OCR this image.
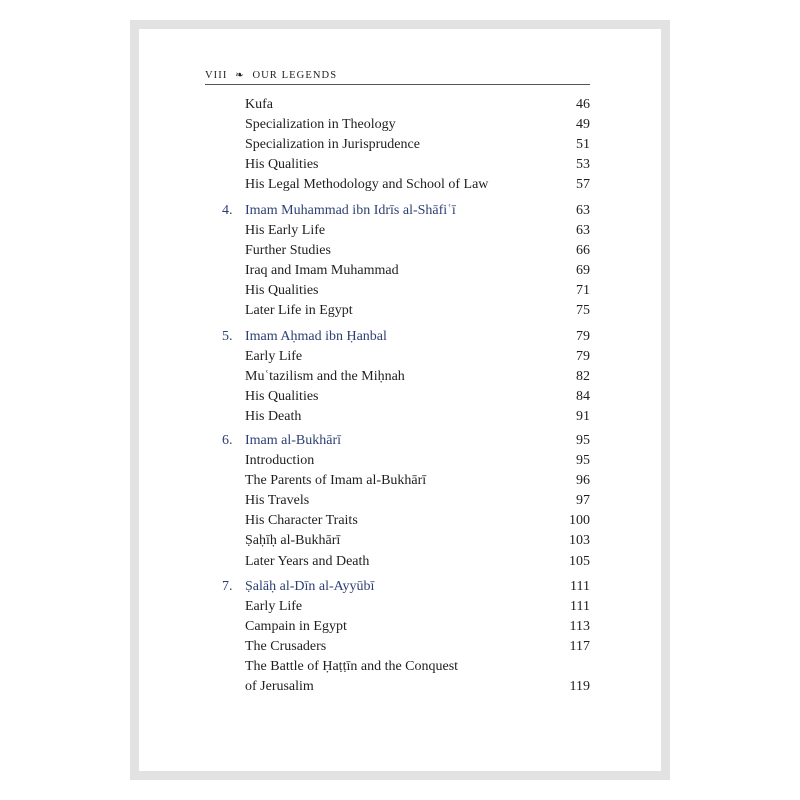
VIII ❧ OUR LEGENDS
Kufa	46
Specialization in Theology	49
Specialization in Jurisprudence	51
His Qualities	53
His Legal Methodology and School of Law	57
4. Imam Muhammad ibn Idrīs al-Shāfiʿī	63
His Early Life	63
Further Studies	66
Iraq and Imam Muhammad	69
His Qualities	71
Later Life in Egypt	75
5. Imam Aḥmad ibn Ḥanbal	79
Early Life	79
Muʿtazilism and the Miḥnah	82
His Qualities	84
His Death	91
6. Imam al-Bukhārī	95
Introduction	95
The Parents of Imam al-Bukhārī	96
His Travels	97
His Character Traits	100
Ṣaḥīḥ al-Bukhārī	103
Later Years and Death	105
7. Ṣalāḥ al-Dīn al-Ayyūbī	111
Early Life	111
Campain in Egypt	113
The Crusaders	117
The Battle of Ḥaṭṭīn and the Conquest
of Jerusalim	119
